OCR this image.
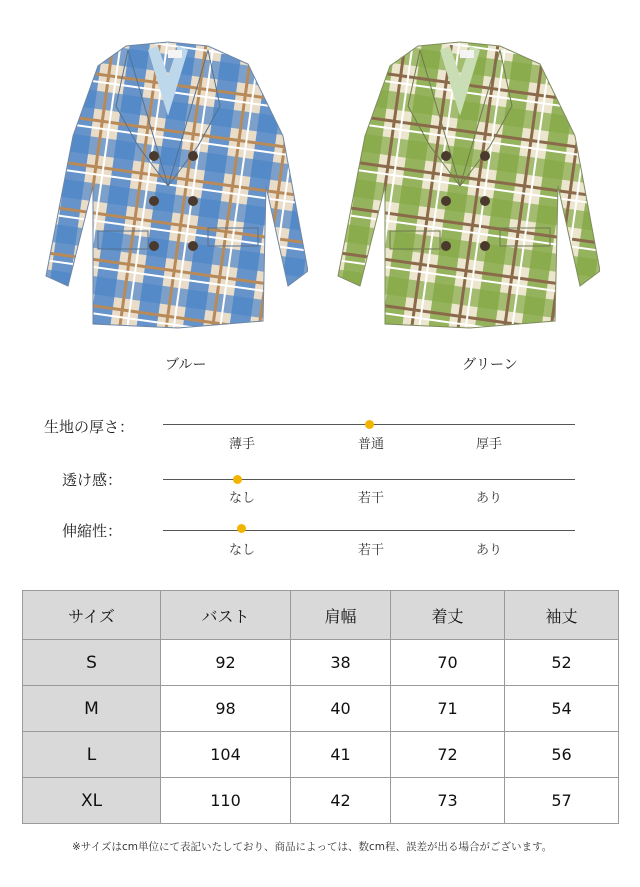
ブルー	グリーン
生地の厚さ：
薄手	普通	厚手
透け感：
なし	若干	あり
伸縮性：
なし	若干	あり
サイズ	バスト	肩幅	着丈	袖丈
S	92	38	70	52
M	98	40	71	54
L	104	41	72	56
XL	110	42	73	57
※サイズはcm単位にて表記いたしており、商品によっては、数cm程、誤差が出る場合がございます。
